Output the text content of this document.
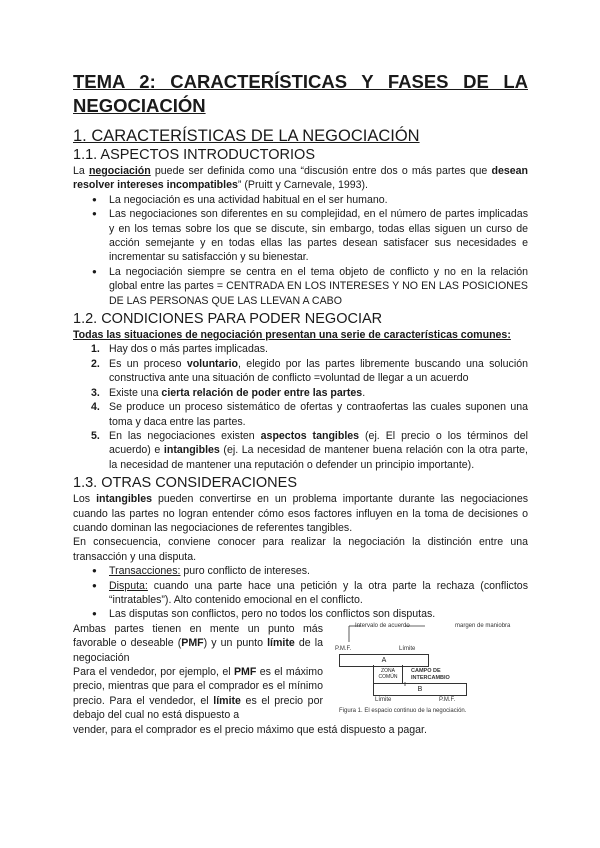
TEMA 2: CARACTERÍSTICAS Y FASES DE LA

NEGOCIACIÓN

1. CARACTERÍSTICAS DE LA NEGOCIACIÓN

1.1. ASPECTOS INTRODUCTORIOS

La negociación puede ser definida como una “discusión entre dos o más partes que desean resolver intereses incompatibles” (Pruitt y Carnevale, 1993).

● La negociación es una actividad habitual en el ser humano.
● Las negociaciones son diferentes en su complejidad, en el número de partes implicadas y en los temas sobre los que se discute, sin embargo, todas ellas siguen un curso de acción semejante y en todas ellas las partes desean satisfacer sus necesidades e incrementar su satisfacción y su bienestar.
● La negociación siempre se centra en el tema objeto de conflicto y no en la relación global entre las partes = CENTRADA EN LOS INTERESES Y NO EN LAS POSICIONES DE LAS PERSONAS QUE LAS LLEVAN A CABO

1.2. CONDICIONES PARA PODER NEGOCIAR

Todas las situaciones de negociación presentan una serie de características comunes:

1. Hay dos o más partes implicadas.
2. Es un proceso voluntario, elegido por las partes libremente buscando una solución constructiva ante una situación de conflicto =voluntad de llegar a un acuerdo
3. Existe una cierta relación de poder entre las partes.
4. Se produce un proceso sistemático de ofertas y contraofertas las cuales suponen una toma y daca entre las partes.
5. En las negociaciones existen aspectos tangibles (ej. El precio o los términos del acuerdo) e intangibles (ej. La necesidad de mantener buena relación con la otra parte, la necesidad de mantener una reputación o defender un principio importante).

1.3. OTRAS CONSIDERACIONES

Los intangibles pueden convertirse en un problema importante durante las negociaciones cuando las partes no logran entender cómo esos factores influyen en la toma de decisiones o cuando dominan las negociaciones de referentes tangibles.

En consecuencia, conviene conocer para realizar la negociación la distinción entre una transacción y una disputa.

● Transacciones: puro conflicto de intereses.
● Disputa: cuando una parte hace una petición y la otra parte la rechaza (conflictos “intratables”). Alto contenido emocional en el conflicto.
● Las disputas son conflictos, pero no todos los conflictos son disputas.

Ambas partes tienen en mente un punto más favorable o deseable (PMF) y un punto límite de la negociación

Para el vendedor, por ejemplo, el PMF es el máximo precio, mientras que para el comprador es el mínimo precio. Para el vendedor, el límite es el precio por debajo del cual no está dispuesto a

Intervalo de acuerdo	margen de maniobra
P.M.F.	Límite
A
ZONA COMÚN
CAMPO DE INTERCAMBIO
B
Límite	P.M.F.
Figura 1. El espacio continuo de la negociación.

vender, para el comprador es el precio máximo que está dispuesto a pagar.
